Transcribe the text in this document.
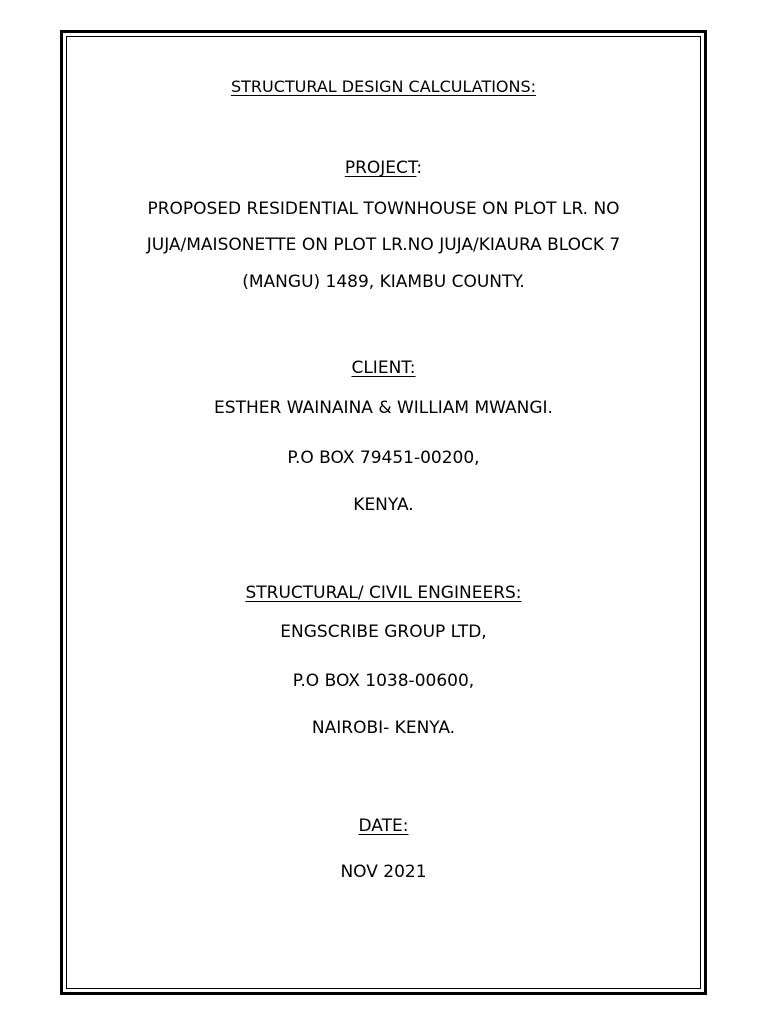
STRUCTURAL DESIGN CALCULATIONS:
PROJECT:
PROPOSED RESIDENTIAL TOWNHOUSE ON PLOT LR. NO
JUJA/MAISONETTE ON PLOT LR.NO JUJA/KIAURA BLOCK 7
(MANGU) 1489, KIAMBU COUNTY.
CLIENT:
ESTHER WAINAINA & WILLIAM MWANGI.
P.O BOX 79451-00200,
KENYA.
STRUCTURAL/ CIVIL ENGINEERS:
ENGSCRIBE GROUP LTD,
P.O BOX 1038-00600,
NAIROBI- KENYA.
DATE:
NOV 2021
